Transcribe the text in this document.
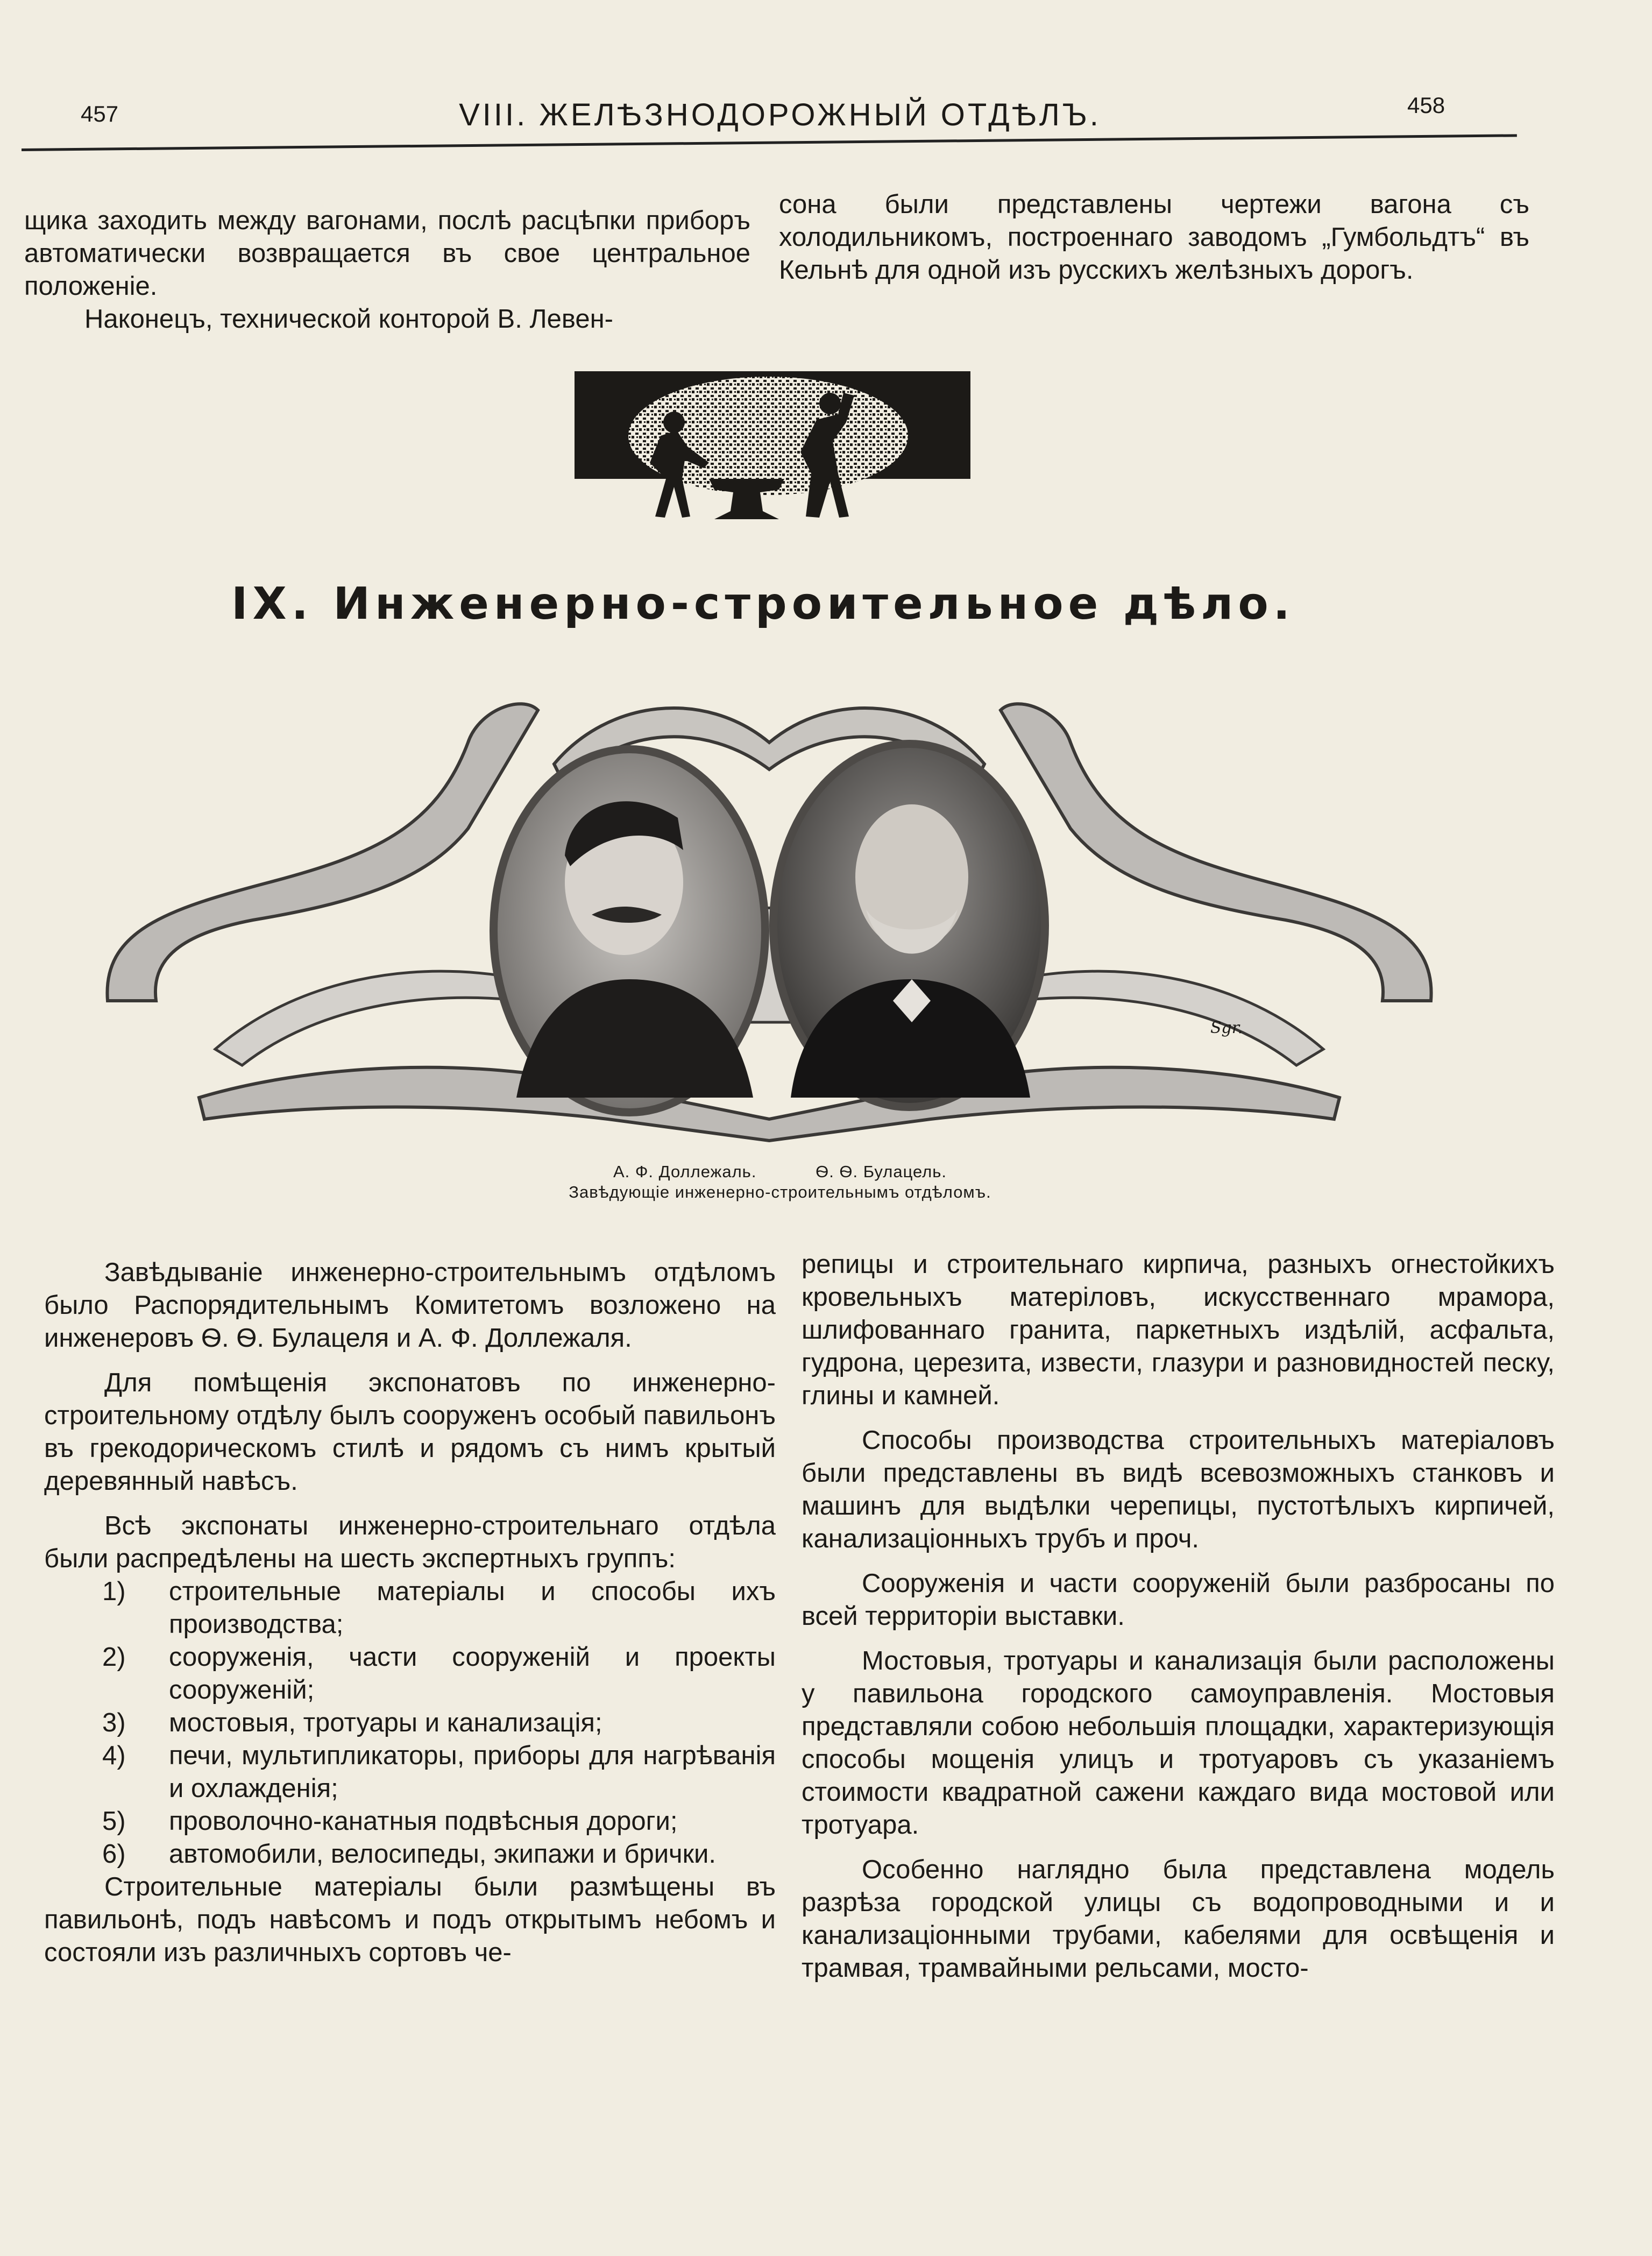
457	VIII. ЖЕЛѢЗНОДОРОЖНЫЙ ОТДѢЛЪ.	458

щика заходить между вагонами, послѣ расцѣпки приборъ автоматически возвращается въ свое центральное положеніе.

Наконецъ, технической конторой В. Левен-

сона были представлены чертежи вагона съ холодильникомъ, построеннаго заводомъ „Гумбольдтъ“ въ Кельнѣ для одной изъ русскихъ желѣзныхъ дорогъ.

IX. Инженерно-строительное дѣло.
Sgr.
А. Ф. Доллежаль.	Ѳ. Ѳ. Булацель.
Завѣдующіе инженерно-строительнымъ отдѣломъ.

Завѣдываніе инженерно-строительнымъ отдѣломъ было Распорядительнымъ Комитетомъ возложено на инженеровъ Ѳ. Ѳ. Булацеля и А. Ф. Доллежаля.

Для помѣщенія экспонатовъ по инженерно-строительному отдѣлу былъ сооруженъ особый павильонъ въ грекодорическомъ стилѣ и рядомъ съ нимъ крытый деревянный навѣсъ.

Всѣ экспонаты инженерно-строительнаго отдѣла были распредѣлены на шесть экспертныхъ группъ:

1) строительные матеріалы и способы ихъ производства;
2) сооруженія, части сооруженій и проекты сооруженій;
3) мостовыя, тротуары и канализація;
4) печи, мультипликаторы, приборы для нагрѣванія и охлажденія;
5) проволочно-канатныя подвѣсныя дороги;
6) автомобили, велосипеды, экипажи и брички.

Строительные матеріалы были размѣщены въ павильонѣ, подъ навѣсомъ и подъ открытымъ небомъ и состояли изъ различныхъ сортовъ че-

репицы и строительнаго кирпича, разныхъ огнестойкихъ кровельныхъ матеріловъ, искусственнаго мрамора, шлифованнаго гранита, паркетныхъ издѣлій, асфальта, гудрона, церезита, извести, глазури и разновидностей песку, глины и камней.

Способы производства строительныхъ матеріаловъ были представлены въ видѣ всевозможныхъ станковъ и машинъ для выдѣлки черепицы, пустотѣлыхъ кирпичей, канализаціонныхъ трубъ и проч.

Сооруженія и части сооруженій были разбросаны по всей территоріи выставки.

Мостовыя, тротуары и канализація были расположены у павильона городского самоуправленія. Мостовыя представляли собою небольшія площадки, характеризующія способы мощенія улицъ и тротуаровъ съ указаніемъ стоимости квадратной сажени каждаго вида мостовой или тротуара.

Особенно наглядно была представлена модель разрѣза городской улицы съ водопроводными и и канализаціонными трубами, кабелями для освѣщенія и трамвая, трамвайными рельсами, мосто-
